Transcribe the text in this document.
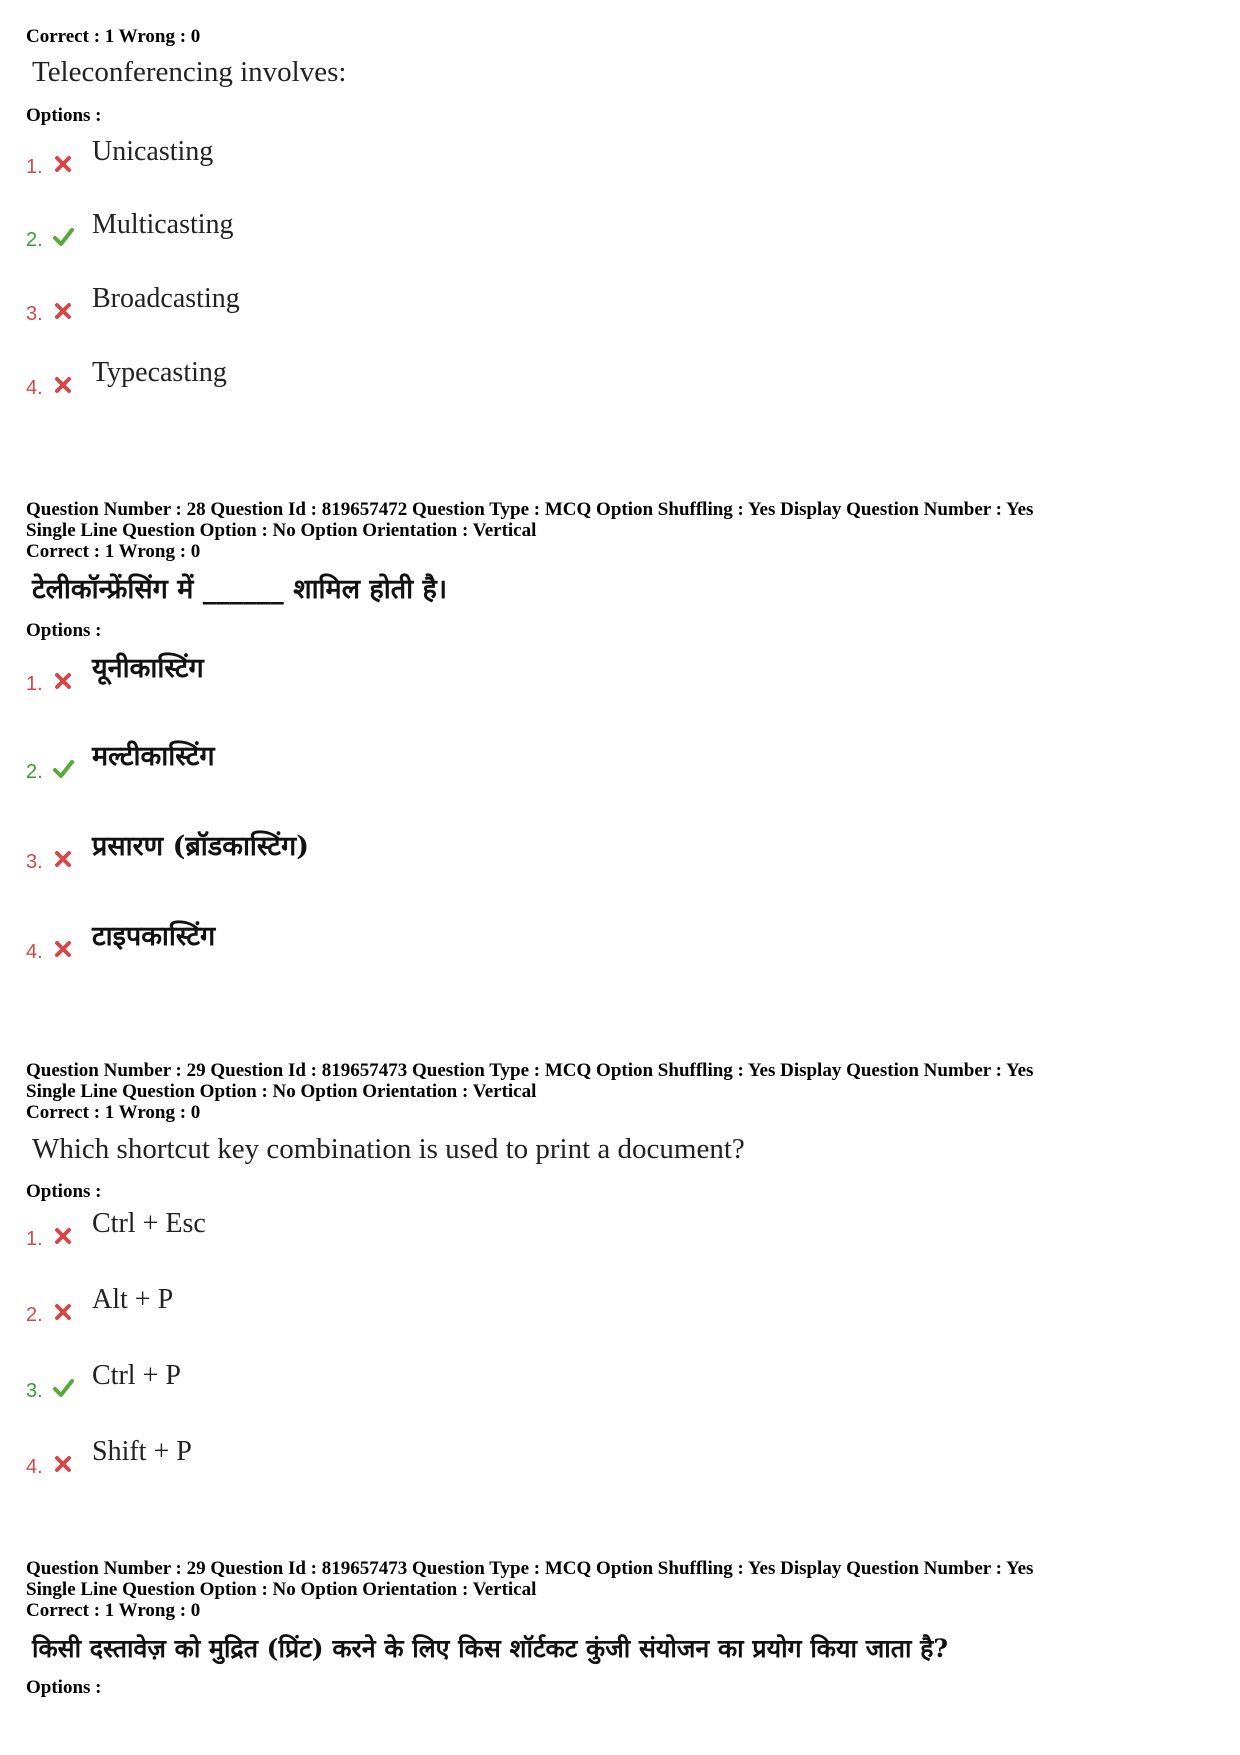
Correct : 1 Wrong : 0
Teleconferencing involves:
Options :
1. Unicasting
2. Multicasting
3. Broadcasting
4. Typecasting
Question Number : 28 Question Id : 819657472 Question Type : MCQ Option Shuffling : Yes Display Question Number : Yes
Single Line Question Option : No Option Orientation : Vertical
Correct : 1 Wrong : 0
टेलीकॉन्फ्रेंसिंग में ______ शामिल होती है।
Options :
1. यूनीकास्टिंग
2. मल्टीकास्टिंग
3. प्रसारण (ब्रॉडकास्टिंग)
4. टाइपकास्टिंग
Question Number : 29 Question Id : 819657473 Question Type : MCQ Option Shuffling : Yes Display Question Number : Yes
Single Line Question Option : No Option Orientation : Vertical
Correct : 1 Wrong : 0
Which shortcut key combination is used to print a document?
Options :
1. Ctrl + Esc
2. Alt + P
3. Ctrl + P
4. Shift + P
Question Number : 29 Question Id : 819657473 Question Type : MCQ Option Shuffling : Yes Display Question Number : Yes
Single Line Question Option : No Option Orientation : Vertical
Correct : 1 Wrong : 0
किसी दस्तावेज़ को मुद्रित (प्रिंट) करने के लिए किस शॉर्टकट कुंजी संयोजन का प्रयोग किया जाता है?
Options :
